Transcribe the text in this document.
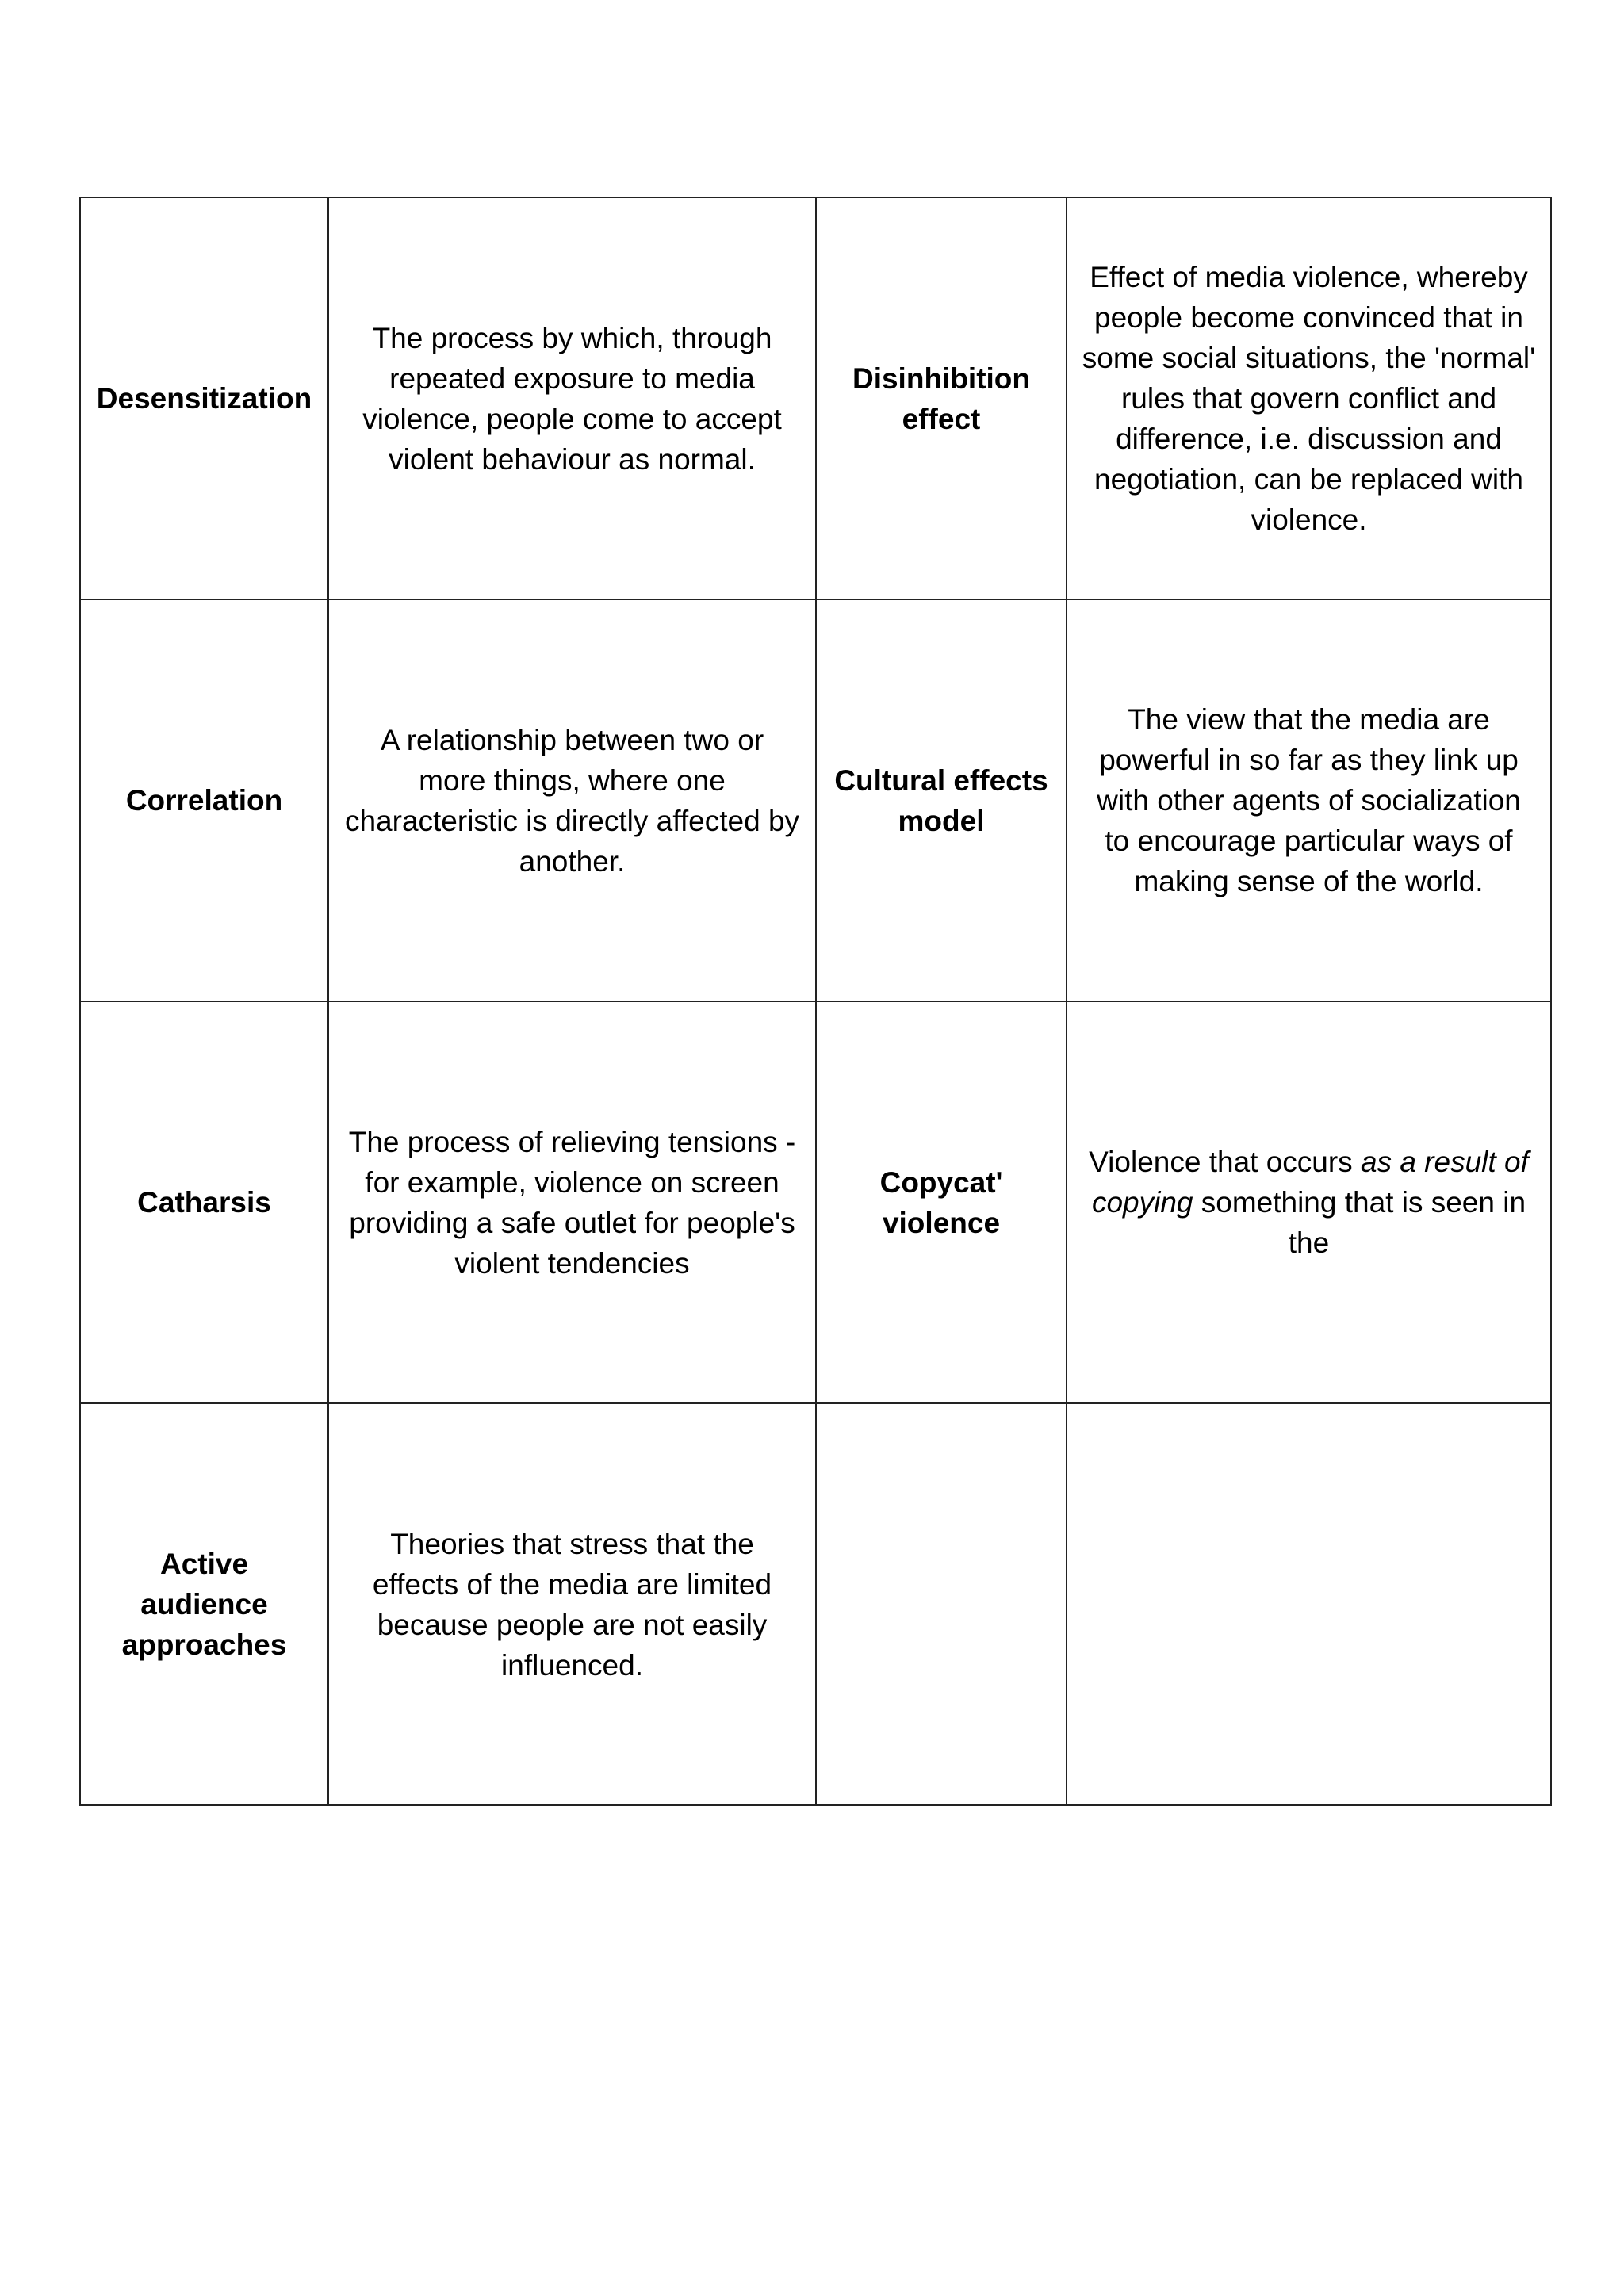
Desensitization	The process by which, through repeated exposure to media violence, people come to accept violent behaviour as normal.	Disinhibition effect	Effect of media violence, whereby people become convinced that in some social situations, the 'normal' rules that govern conflict and difference, i.e. discussion and negotiation, can be replaced with violence.
Correlation	A relationship between two or more things, where one characteristic is directly affected by another.	Cultural effects model	The view that the media are powerful in so far as they link up with other agents of socialization to encourage particular ways of making sense of the world.
Catharsis	The process of relieving tensions - for example, violence on screen providing a safe outlet for people's violent tendencies	Copycat' violence	Violence that occurs as a result of copying something that is seen in the
Active audience approaches	Theories that stress that the effects of the media are limited because people are not easily influenced.		
